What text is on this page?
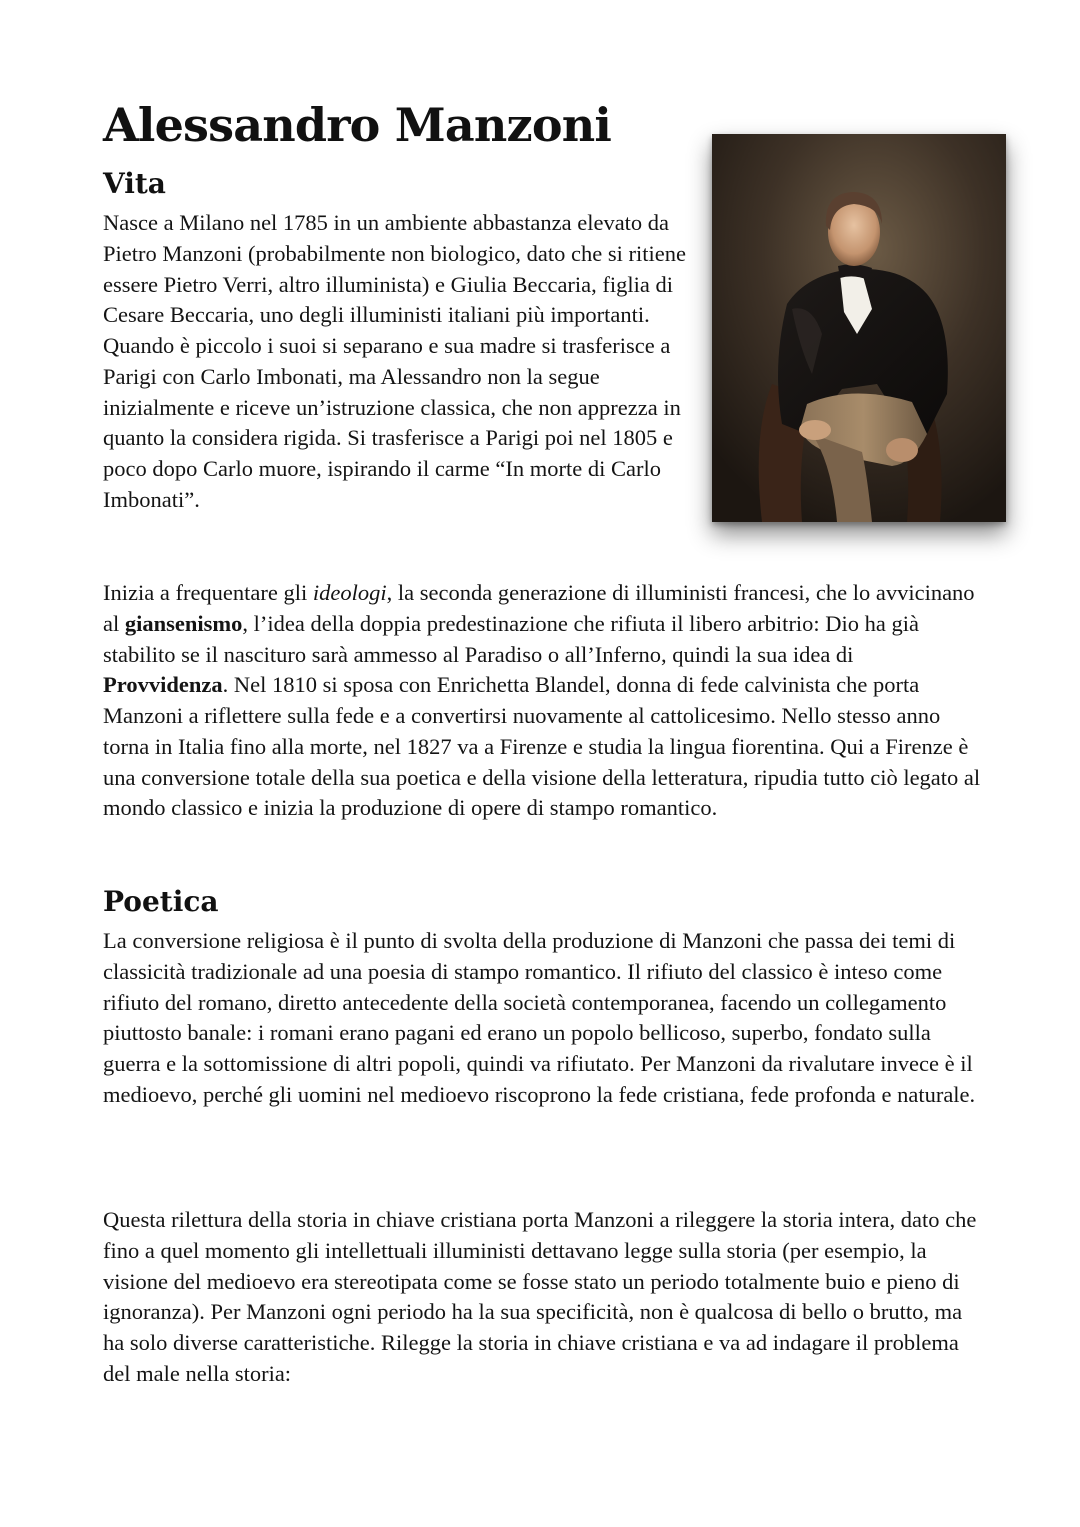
Alessandro Manzoni
Vita

Nasce a Milano nel 1785 in un ambiente abbastanza elevato da Pietro Manzoni (probabilmente non biologico, dato che si ritiene essere Pietro Verri, altro illuminista) e Giulia Beccaria, figlia di Cesare Beccaria, uno degli illuministi italiani più importanti. Quando è piccolo i suoi si separano e sua madre si trasferisce a Parigi con Carlo Imbonati, ma Alessandro non la segue inizialmente e riceve un’istruzione classica, che non apprezza in quanto la considera rigida. Si trasferisce a Parigi poi nel 1805 e poco dopo Carlo muore, ispirando il carme “In morte di Carlo Imbonati”.

Inizia a frequentare gli ideologi, la seconda generazione di illuministi francesi, che lo avvicinano al giansenismo, l’idea della doppia predestinazione che rifiuta il libero arbitrio: Dio ha già stabilito se il nascituro sarà ammesso al Paradiso o all’Inferno, quindi la sua idea di Provvidenza. Nel 1810 si sposa con Enrichetta Blandel, donna di fede calvinista che porta Manzoni a riflettere sulla fede e a convertirsi nuovamente al cattolicesimo. Nello stesso anno torna in Italia fino alla morte, nel 1827 va a Firenze e studia la lingua fiorentina. Qui a Firenze è una conversione totale della sua poetica e della visione della letteratura, ripudia tutto ciò legato al mondo classico e inizia la produzione di opere di stampo romantico.

Poetica

La conversione religiosa è il punto di svolta della produzione di Manzoni che passa dei temi di classicità tradizionale ad una poesia di stampo romantico. Il rifiuto del classico è inteso come rifiuto del romano, diretto antecedente della società contemporanea, facendo un collegamento piuttosto banale: i romani erano pagani ed erano un popolo bellicoso, superbo, fondato sulla guerra e la sottomissione di altri popoli, quindi va rifiutato. Per Manzoni da rivalutare invece è il medioevo, perché gli uomini nel medioevo riscoprono la fede cristiana, fede profonda e naturale.

Questa rilettura della storia in chiave cristiana porta Manzoni a rileggere la storia intera, dato che fino a quel momento gli intellettuali illuministi dettavano legge sulla storia (per esempio, la visione del medioevo era stereotipata come se fosse stato un periodo totalmente buio e pieno di ignoranza). Per Manzoni ogni periodo ha la sua specificità, non è qualcosa di bello o brutto, ma ha solo diverse caratteristiche. Rilegge la storia in chiave cristiana e va ad indagare il problema del male nella storia:
